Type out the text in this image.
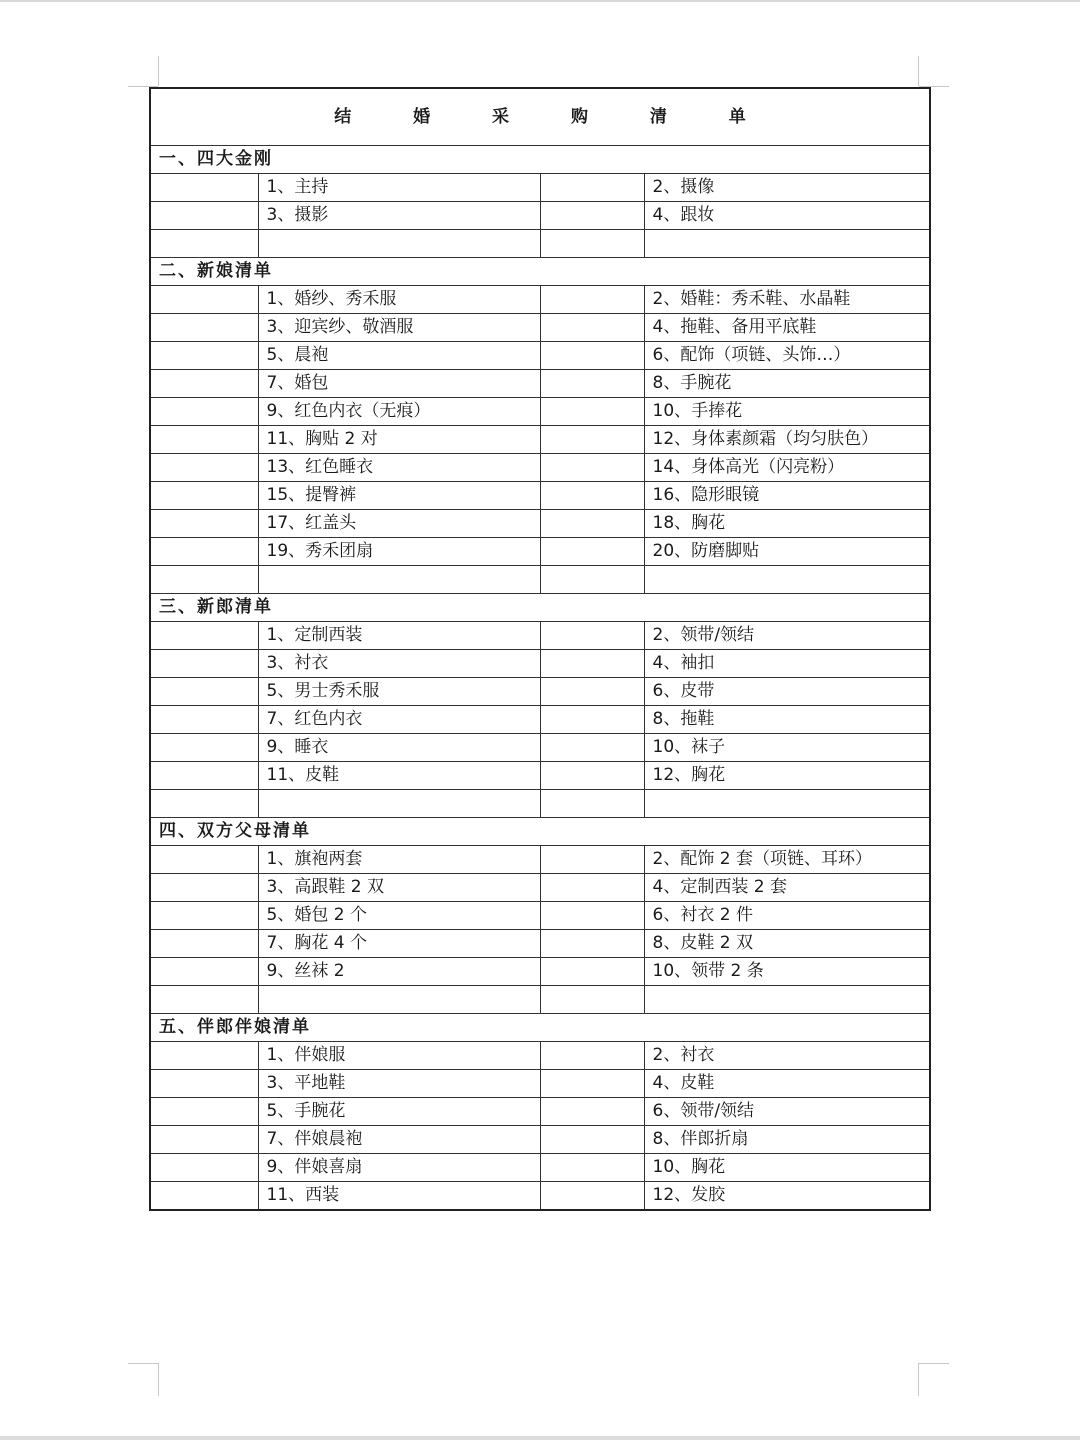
结 婚 采 购 清 单			
一、四大金刚			
	1、主持		2、摄像
	3、摄影		4、跟妆

二、新娘清单			
	1、婚纱、秀禾服		2、婚鞋：秀禾鞋、水晶鞋
	3、迎宾纱、敬酒服		4、拖鞋、备用平底鞋
	5、晨袍		6、配饰（项链、头饰…）
	7、婚包		8、手腕花
	9、红色内衣（无痕）		10、手捧花
	11、胸贴 2 对		12、身体素颜霜（均匀肤色）
	13、红色睡衣		14、身体高光（闪亮粉）
	15、提臀裤		16、隐形眼镜
	17、红盖头		18、胸花
	19、秀禾团扇		20、防磨脚贴

三、新郎清单			
	1、定制西装		2、领带/领结
	3、衬衣		4、袖扣
	5、男士秀禾服		6、皮带
	7、红色内衣		8、拖鞋
	9、睡衣		10、袜子
	11、皮鞋		12、胸花

四、双方父母清单			
	1、旗袍两套		2、配饰 2 套（项链、耳环）
	3、高跟鞋 2 双		4、定制西装 2 套
	5、婚包 2 个		6、衬衣 2 件
	7、胸花 4 个		8、皮鞋 2 双
	9、丝袜 2		10、领带 2 条

五、伴郎伴娘清单			
	1、伴娘服		2、衬衣
	3、平地鞋		4、皮鞋
	5、手腕花		6、领带/领结
	7、伴娘晨袍		8、伴郎折扇
	9、伴娘喜扇		10、胸花
	11、西装		12、发胶
